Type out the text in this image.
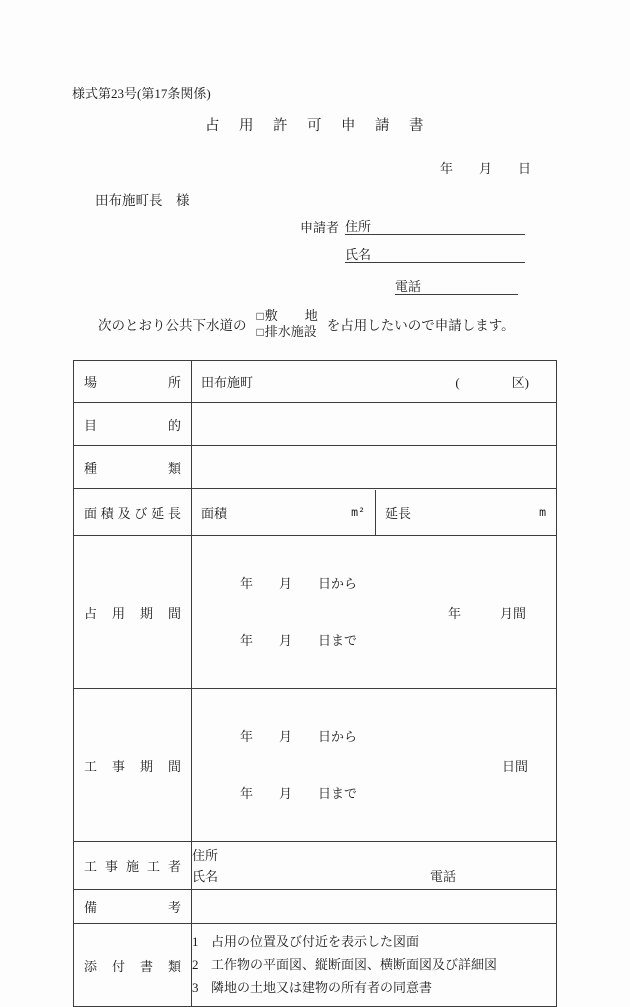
様式第23号(第17条関係)
占用許可申請書
年　　月　　日
田布施町長　様
申請者 住所
氏名
電話
次のとおり公共下水道の
□ 敷地
□ 排水施設 を占用したいので申請します。
場所	田布施町 (　　　　区)

目的	
種類	
面積及び延長	面積 m² 延長 m

占用期間	年　　月　　日から

年　　月　　日まで

年　　　月間

工事期間	年　　月　　日から

年　　月　　日まで

日間

工事施工者	住所
氏名 電話

備考	
添付書類	
1 占用の位置及び付近を表示した図面
2 工作物の平面図、縦断面図、横断面図及び詳細図
3 隣地の土地又は建物の所有者の同意書
